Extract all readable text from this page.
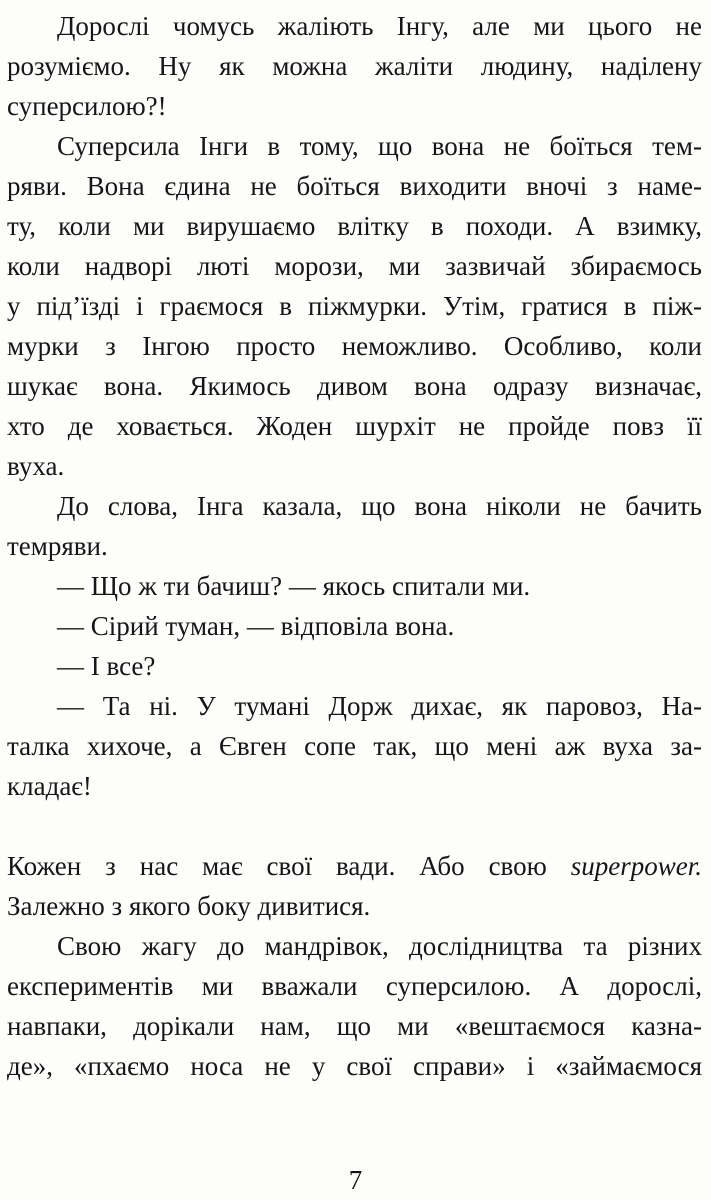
Дорослі чомусь жаліють Інгу, але ми цього не
розуміємо. Ну як можна жаліти людину, наділену
суперсилою?!
Суперсила Інги в тому, що вона не боїться тем-
ряви. Вона єдина не боїться виходити вночі з наме-
ту, коли ми вирушаємо влітку в походи. А взимку,
коли надворі люті морози, ми зазвичай збираємось
у під’їзді і граємося в піжмурки. Утім, гратися в піж-
мурки з Інгою просто неможливо. Особливо, коли
шукає вона. Якимось дивом вона одразу визначає,
хто де ховається. Жоден шурхіт не пройде повз її
вуха.
До слова, Інга казала, що вона ніколи не бачить
темряви.
— Що ж ти бачиш? — якось спитали ми.
— Сірий туман, — відповіла вона.
— І все?
— Та ні. У тумані Дорж дихає, як паровоз, На-
талка хихоче, а Євген сопе так, що мені аж вуха за-
кладає!
Кожен з нас має свої вади. Або свою superpower.
Залежно з якого боку дивитися.
Свою жагу до мандрівок, дослідництва та різних
експериментів ми вважали суперсилою. А дорослі,
навпаки, дорікали нам, що ми «вештаємося казна-
де», «пхаємо носа не у свої справи» і «займаємося
7
